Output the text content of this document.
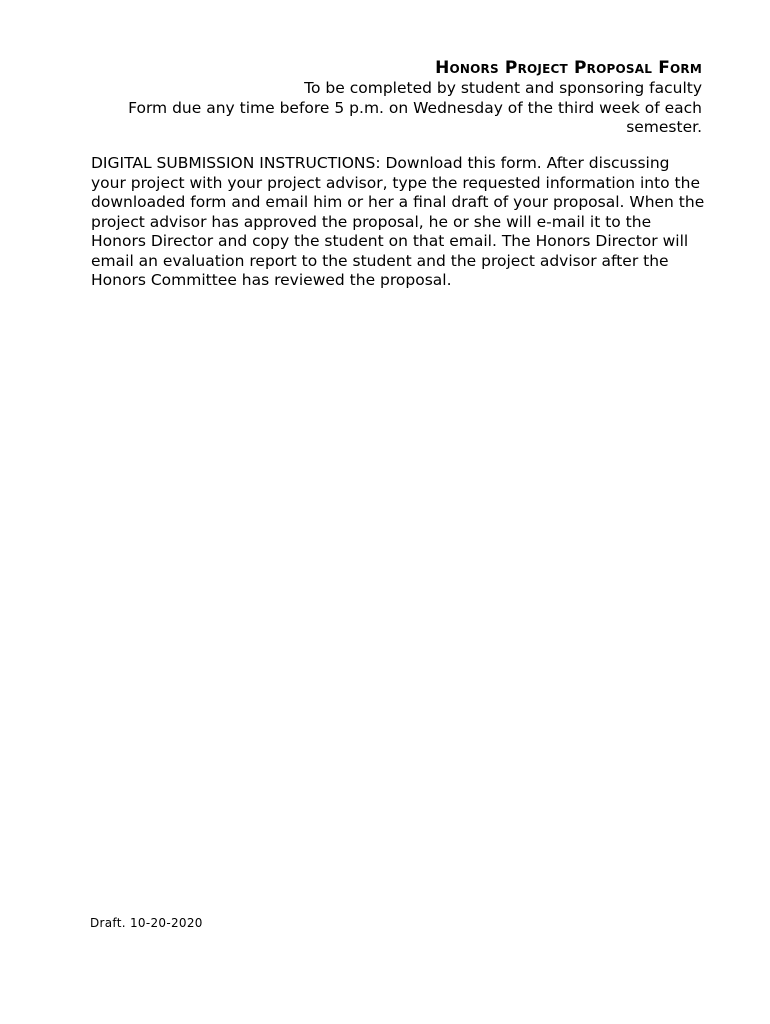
Honors Project Proposal Form
To be completed by student and sponsoring faculty
Form due any time before 5 p.m. on Wednesday of the third week of each
semester.
DIGITAL SUBMISSION INSTRUCTIONS: Download this form. After discussing your project with your project advisor, type the requested information into the downloaded form and email him or her a final draft of your proposal. When the project advisor has approved the proposal, he or she will e-mail it to the Honors Director and copy the student on that email. The Honors Director will email an evaluation report to the student and the project advisor after the Honors Committee has reviewed the proposal.
Draft. 10-20-2020
